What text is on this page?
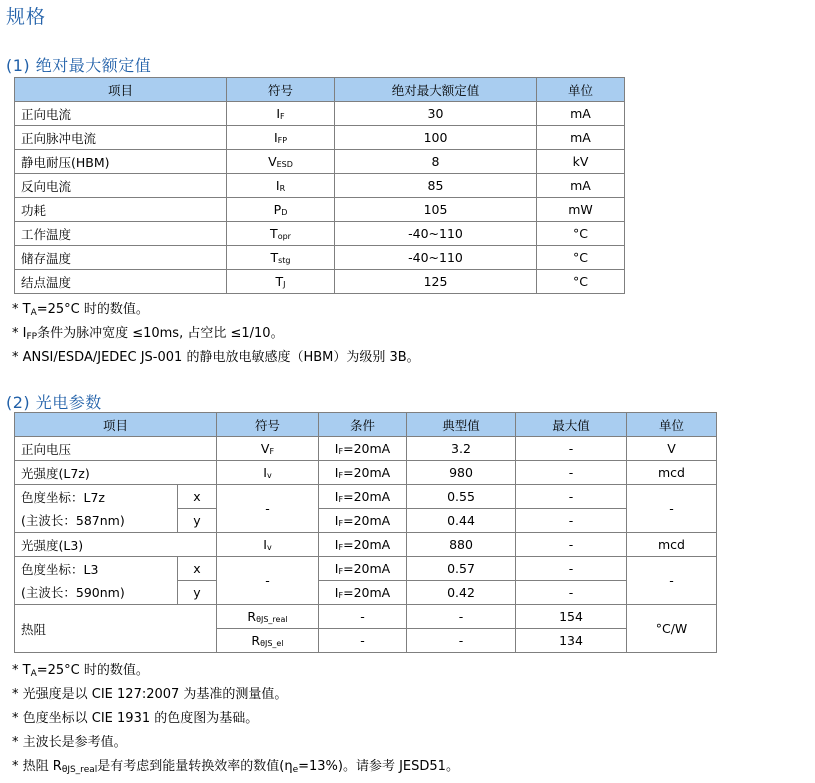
规格
(1) 绝对最大额定值
项目	符号	绝对最大额定值	单位
正向电流	IF	30	mA
正向脉冲电流	IFP	100	mA
静电耐压(HBM)	VESD	8	kV
反向电流	IR	85	mA
功耗	PD	105	mW
工作温度	Topr	-40~110	°C
储存温度	Tstg	-40~110	°C
结点温度	TJ	125	°C
* $T_A=25^\circ C$ 时的数值。
* $I_{FP}$条件为脉冲宽度 ≤10ms, 占空比 ≤1/10。
* ANSI/ESDA/JEDEC JS-001 的静电放电敏感度（HBM）为级别 3B。
(2) 光电参数
项目		符号	条件	典型值	最大值	单位
正向电压		VF	IF=20mA	3.2	-	V
光强度(L7z)		Iv	IF=20mA	980	-	mcd
色度坐标：L7z	x	-	IF=20mA	0.55	-	-
(主波长：587nm)	y		IF=20mA	0.44	-	
光强度(L3)		Iv	IF=20mA	880	-	mcd
色度坐标：L3	x	-	IF=20mA	0.57	-	-
(主波长：590nm)	y		IF=20mA	0.42	-	
热阻		RθJS_real	-	-	154	°C/W
		RθJS_el	-	-	134	
* $T_A=25^\circ C$ 时的数值。
* 光强度是以 CIE 127:2007 为基准的测量值。
* 色度坐标以 CIE 1931 的色度图为基础。
* 主波长是参考值。
* 热阻 $R_{\theta JS\_real}$是有考虑到能量转换效率的数值$(\eta_e=13\%)$。请参考 JESD51。
